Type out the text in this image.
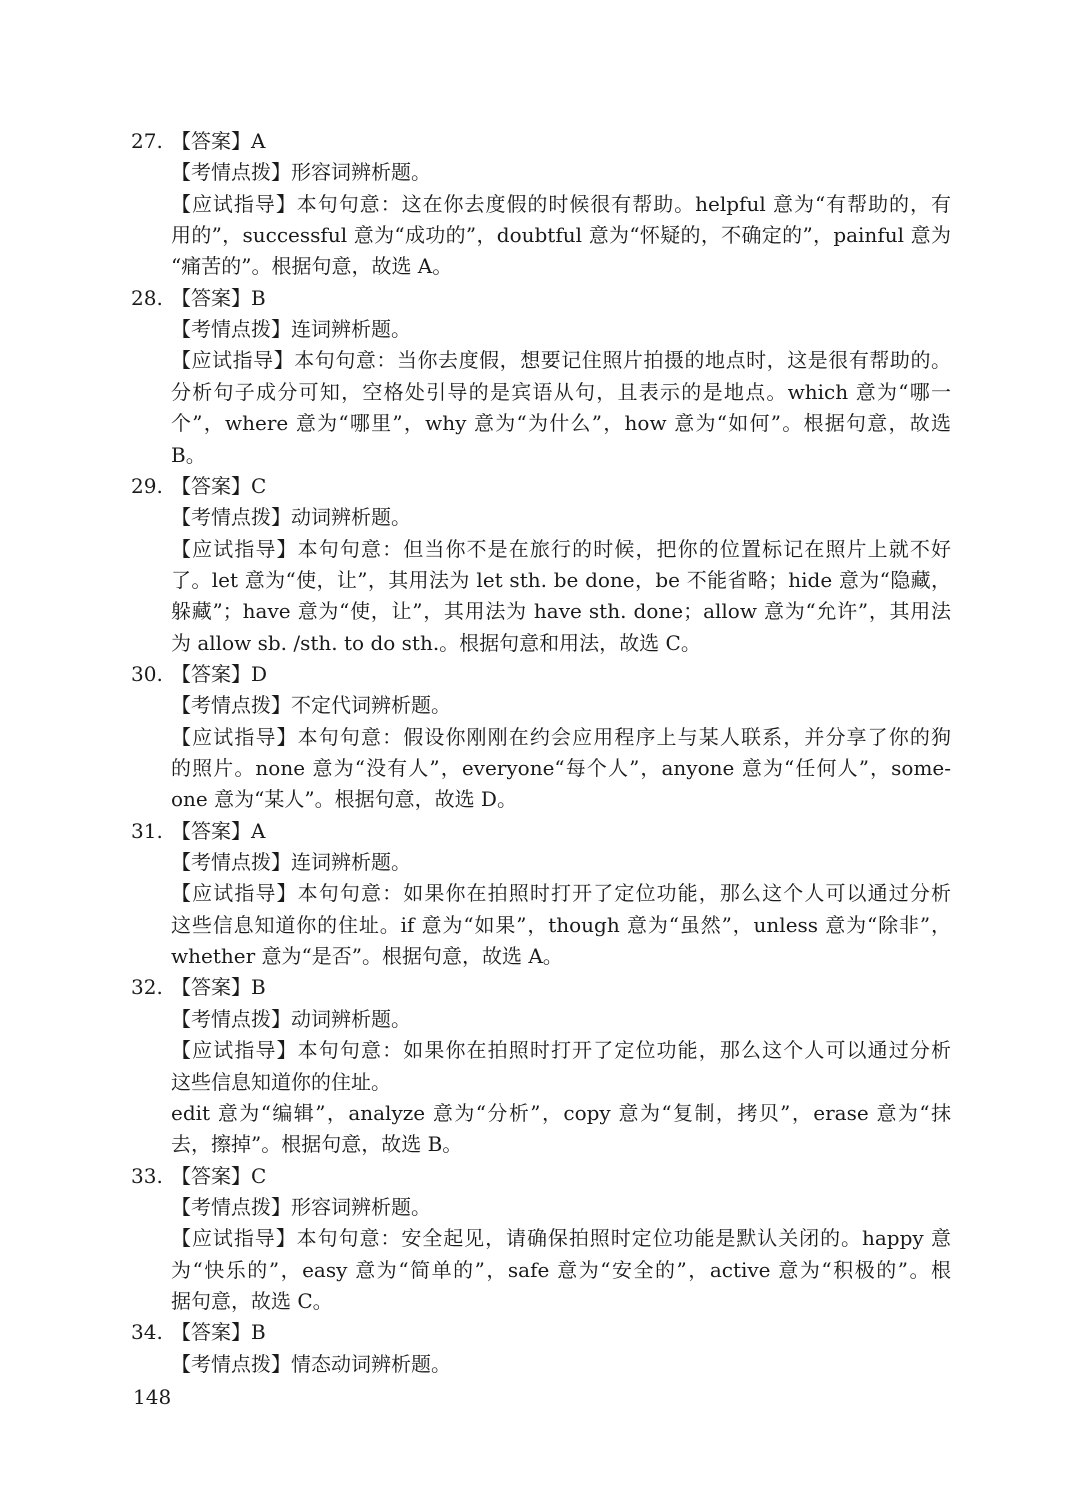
27. 【答案】A
【考情点拨】形容词辨析题。
【应试指导】本句句意：这在你去度假的时候很有帮助。helpful 意为“有帮助的，有
用的”，successful 意为“成功的”，doubtful 意为“怀疑的，不确定的”，painful 意为
“痛苦的”。根据句意，故选 A。
28. 【答案】B
【考情点拨】连词辨析题。
【应试指导】本句句意：当你去度假，想要记住照片拍摄的地点时，这是很有帮助的。
分析句子成分可知，空格处引导的是宾语从句，且表示的是地点。which 意为“哪一
个”，where 意为“哪里”，why 意为“为什么”，how 意为“如何”。根据句意，故选
B。
29. 【答案】C
【考情点拨】动词辨析题。
【应试指导】本句句意：但当你不是在旅行的时候，把你的位置标记在照片上就不好
了。let 意为“使，让”，其用法为 let sth. be done，be 不能省略；hide 意为“隐藏，
躲藏”；have 意为“使，让”，其用法为 have sth. done；allow 意为“允许”，其用法
为 allow sb. /sth. to do sth.。根据句意和用法，故选 C。
30. 【答案】D
【考情点拨】不定代词辨析题。
【应试指导】本句句意：假设你刚刚在约会应用程序上与某人联系，并分享了你的狗
的照片。none 意为“没有人”，everyone“每个人”，anyone 意为“任何人”，some-
one 意为“某人”。根据句意，故选 D。
31. 【答案】A
【考情点拨】连词辨析题。
【应试指导】本句句意：如果你在拍照时打开了定位功能，那么这个人可以通过分析
这些信息知道你的住址。if 意为“如果”，though 意为“虽然”，unless 意为“除非”，
whether 意为“是否”。根据句意，故选 A。
32. 【答案】B
【考情点拨】动词辨析题。
【应试指导】本句句意：如果你在拍照时打开了定位功能，那么这个人可以通过分析
这些信息知道你的住址。
edit 意为“编辑”，analyze 意为“分析”，copy 意为“复制，拷贝”，erase 意为“抹
去，擦掉”。根据句意，故选 B。
33. 【答案】C
【考情点拨】形容词辨析题。
【应试指导】本句句意：安全起见，请确保拍照时定位功能是默认关闭的。happy 意
为“快乐的”，easy 意为“简单的”，safe 意为“安全的”，active 意为“积极的”。根
据句意，故选 C。
34. 【答案】B
【考情点拨】情态动词辨析题。
148
